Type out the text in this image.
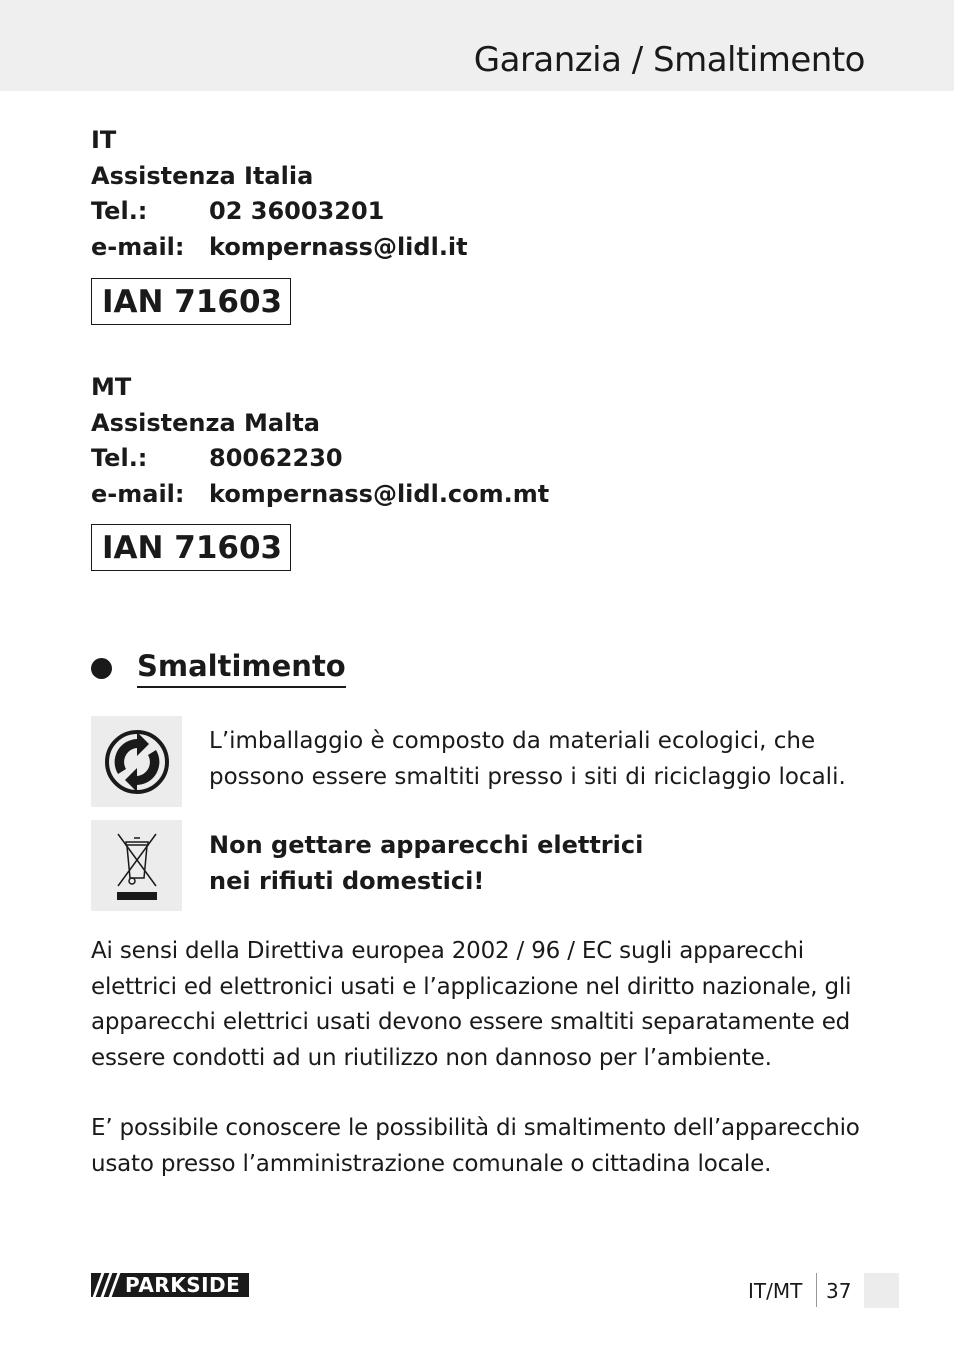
Garanzia / Smaltimento
IT
Assistenza Italia
Tel.:	02 36003201
e-mail: kompernass@lidl.it
IAN 71603
MT
Assistenza Malta
Tel.:	80062230
e-mail: kompernass@lidl.com.mt
IAN 71603
Smaltimento
L’imballaggio è composto da materiali ecologici, che
possono essere smaltiti presso i siti di riciclaggio locali.
Non gettare apparecchi elettrici
nei rifiuti domestici!
Ai sensi della Direttiva europea 2002 / 96 / EC sugli apparecchi elettrici ed elettronici usati e l’applicazione nel diritto nazionale, gli apparecchi elettrici usati devono essere smaltiti separatamente ed essere condotti ad un riutilizzo non dannoso per l’ambiente.
E’ possibile conoscere le possibilità di smaltimento dell’apparecchio usato presso l’amministrazione comunale o cittadina locale.
PARKSIDE	IT/MT 37
